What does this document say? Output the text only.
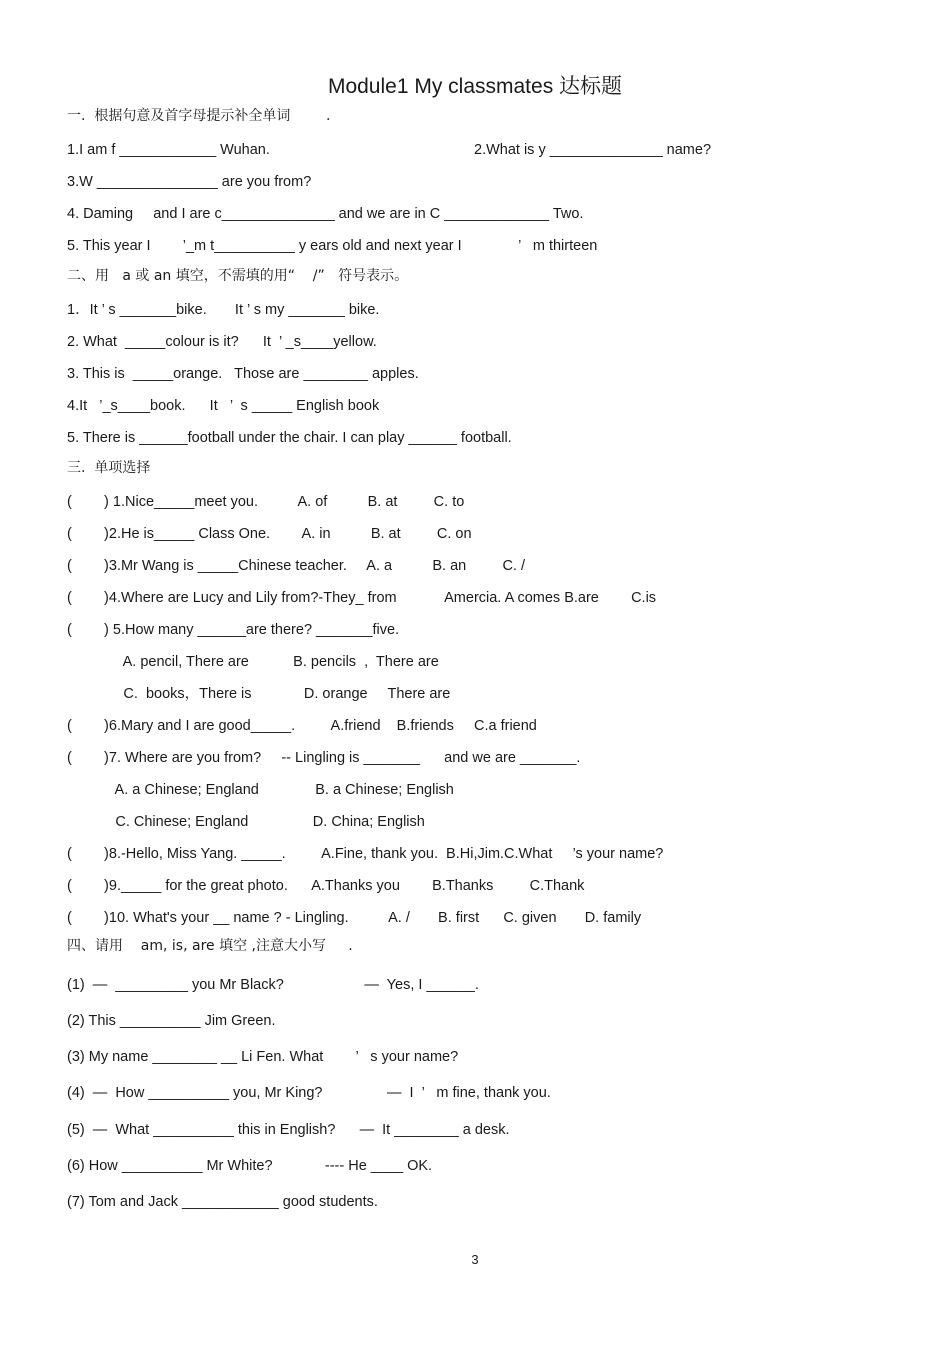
Module1 My classmates 达标题
一.  根据句意及首字母提示补全单词        .
1.I am f ____________ Wuhan.	2.What is y ______________ name?
3.W _______________ are you from?
4. Daming     and I are c______________ and we are in C _____________ Two.
5. This year I        ’_m t__________ y ears old and next year I              ’   m thirteen
二、用   a 或 an 填空，不需填的用“    /”   符号表示。
1．It ’ s _______bike.       It ’ s my _______ bike.
2. What  _____colour is it?      It  ’ _s____yellow.
3. This is  _____orange.   Those are ________ apples.
4.It   ’_s____book.      It   ’  s _____ English book
5. There is ______football under the chair. I can play ______ football.
三.  单项选择
(        ) 1.Nice_____meet you.          A. of          B. at         C. to
(        )2.He is_____ Class One.        A. in          B. at         C. on
(        )3.Mr Wang is _____Chinese teacher.     A. a          B. an         C. /
(        )4.Where are Lucy and Lily from?-They_ from            Amercia. A comes B.are        C.is
(        ) 5.How many ______are there? _______five.
A. pencil, There are           B. pencils  ,  There are
C.  books，There is             D. orange     There are
(        )6.Mary and I are good_____.         A.friend    B.friends     C.a friend
(        )7. Where are you from?     -- Lingling is _______      and we are _______.
A. a Chinese; England              B. a Chinese; English
C. Chinese; England                D. China; English
(        )8.-Hello, Miss Yang. _____.         A.Fine, thank you.  B.Hi,Jim.C.What     ’s your name?
(        )9._____ for the great photo.      A.Thanks you        B.Thanks         C.Thank
(        )10. What's your __ name ? - Lingling.          A. /       B. first      C. given       D. family
四、请用    am, is, are 填空 ,注意大小写     .
(1)  —  _________ you Mr Black?                    —  Yes, I ______.
(2) This __________ Jim Green.
(3) My name ________ __ Li Fen. What        ’   s your name?
(4)  —  How __________ you, Mr King?                —  I  ’   m fine, thank you.
(5)  —  What __________ this in English?      —  It ________ a desk.
(6) How __________ Mr White?             ---- He ____ OK.
(7) Tom and Jack ____________ good students.
3
